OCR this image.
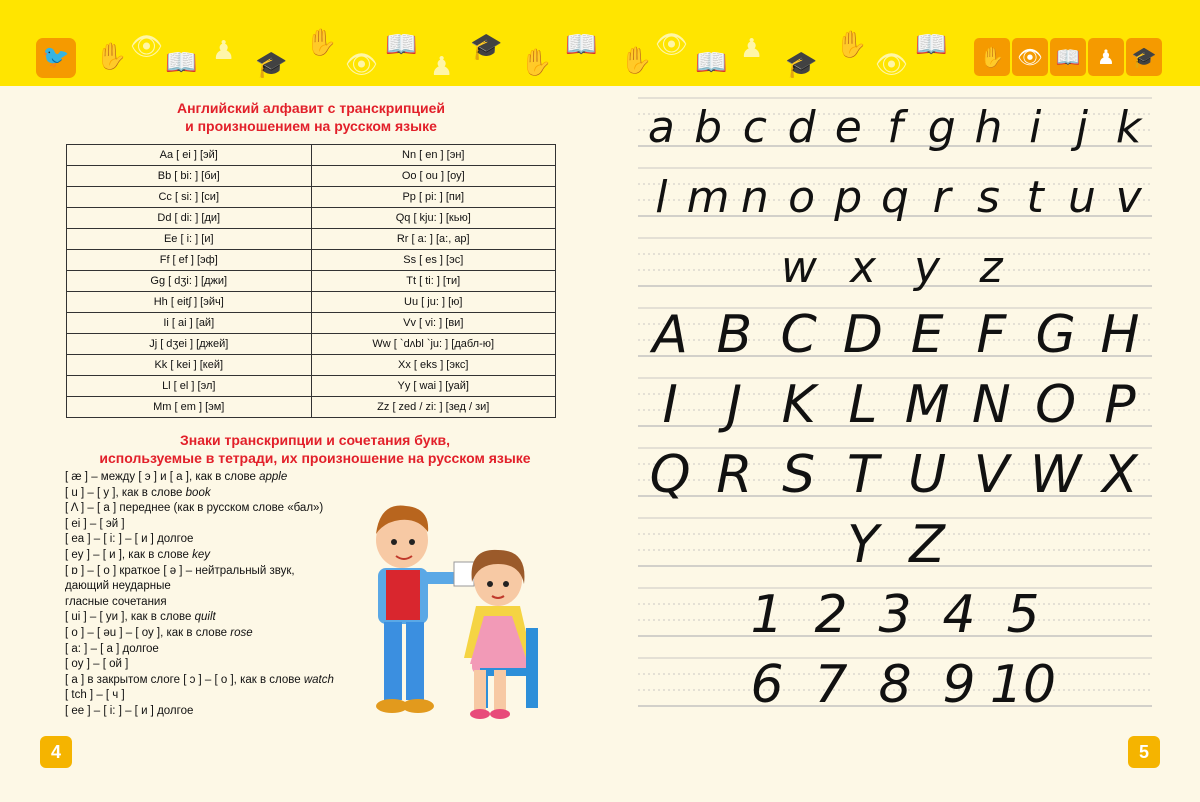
✋ 👁
📖 ♟ 🎓
✋
👁
📖
♟
🎓
✋
📖
✋
👁
📖 ♟
🎓
✋
👁
📖
🐦	✋ 👁 📖 ♟ 🎓
Английский алфавит с транскрипцией
и произношением на русском языке
Aa [ ei ] [эй]	Nn [ en ] [эн]
Bb [ bi: ] [би]	Oo [ ou ] [оу]
Cc [ si: ] [си]	Pp [ pi: ] [пи]
Dd [ di: ] [ди]	Qq [ kju: ] [кью]
Ee [ i: ] [и]	Rr [ a: ] [a:, ар]
Ff [ ef ] [эф]	Ss [ es ] [эс]
Gg [ dʒi: ] [джи]	Tt [ ti: ] [ти]
Hh [ eitʃ ] [эйч]	Uu [ ju: ] [ю]
Ii [ ai ] [ай]	Vv [ vi: ] [ви]
Jj [ dʒei ] [джей]	Ww [ `dʌbl `ju: ] [дабл-ю]
Kk [ kei ] [кей]	Xx [ eks ] [экс]
Ll [ el ] [эл]	Yy [ wai ] [уай]
Mm [ em ] [эм]	Zz [ zed / zi: ] [зед / зи]
Знаки транскрипции и сочетания букв,
используемые в тетради, их произношение на русском языке
[ æ ] – между [ э ] и [ а ], как в слове apple
[ u ] – [ у ], как в слове book
[ Λ ] – [ а ] переднее (как в русском слове «бал»)
[ ei ] – [ эй ]
[ ea ] – [ i: ] – [ и ] долгое
[ ey ] – [ и ], как в слове key
[ ɒ ] – [ о ] краткое [ ə ] – нейтральный звук,
дающий неударные
гласные сочетания
[ ui ] – [ уи ], как в слове quilt
[ o ] – [ əu ] – [ оу ], как в слове rose
[ a: ] – [ а ] долгое
[ oy ] – [ ой ]
[ a ] в закрытом слоге [ ɔ ] – [ о ], как в слове watch
[ tch ] – [ ч ]
[ ee ] – [ i: ] – [ и ] долгое
4
a b c d e f g h i j k
l m n o p q r s t u v
w x y z
A B C D E F G H
I J K L M N O P
Q R S T U V W X
Y Z
1 2 3 4 5
6 7 8 9 10
5
